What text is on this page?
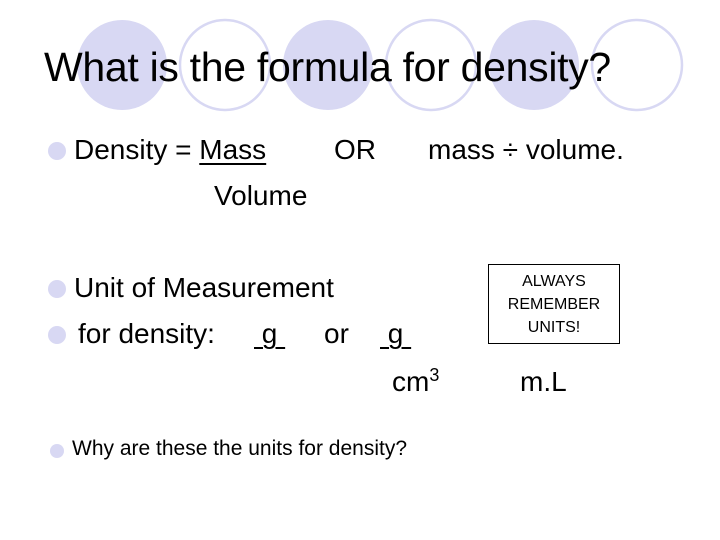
What is the formula for density?
Density = Mass OR mass ÷ volume.
Volume
Unit of Measurement
for density: g or g
$cm^3$	m.L
ALWAYS
REMEMBER
UNITS!
Why are these the units for density?
